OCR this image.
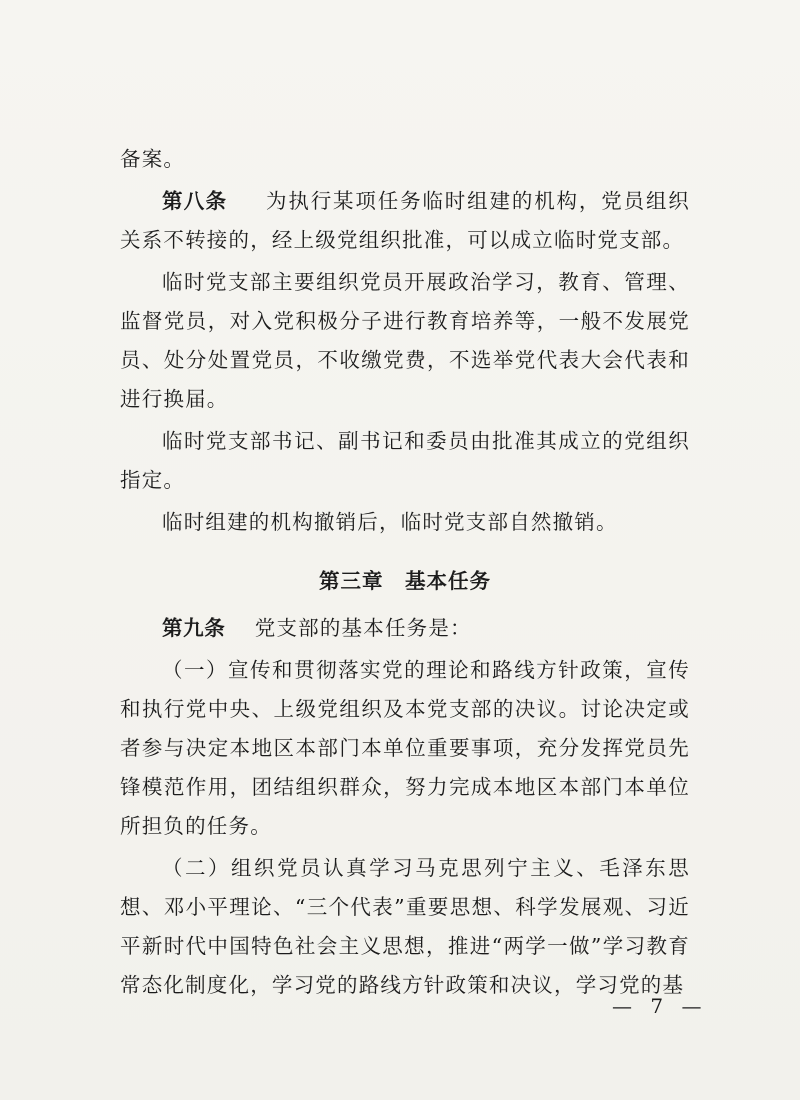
备案。

第八条 为执行某项任务临时组建的机构，党员组织关系不转接的，经上级党组织批准，可以成立临时党支部。

临时党支部主要组织党员开展政治学习，教育、管理、监督党员，对入党积极分子进行教育培养等，一般不发展党员、处分处置党员，不收缴党费，不选举党代表大会代表和进行换届。

临时党支部书记、副书记和委员由批准其成立的党组织指定。

临时组建的机构撤销后，临时党支部自然撤销。

第三章　基本任务

第九条 党支部的基本任务是：

（一）宣传和贯彻落实党的理论和路线方针政策，宣传和执行党中央、上级党组织及本党支部的决议。讨论决定或者参与决定本地区本部门本单位重要事项，充分发挥党员先锋模范作用，团结组织群众，努力完成本地区本部门本单位所担负的任务。

（二）组织党员认真学习马克思列宁主义、毛泽东思想、邓小平理论、“三个代表”重要思想、科学发展观、习近平新时代中国特色社会主义思想，推进“两学一做”学习教育常态化制度化，学习党的路线方针政策和决议，学习党的基

— 7 —
